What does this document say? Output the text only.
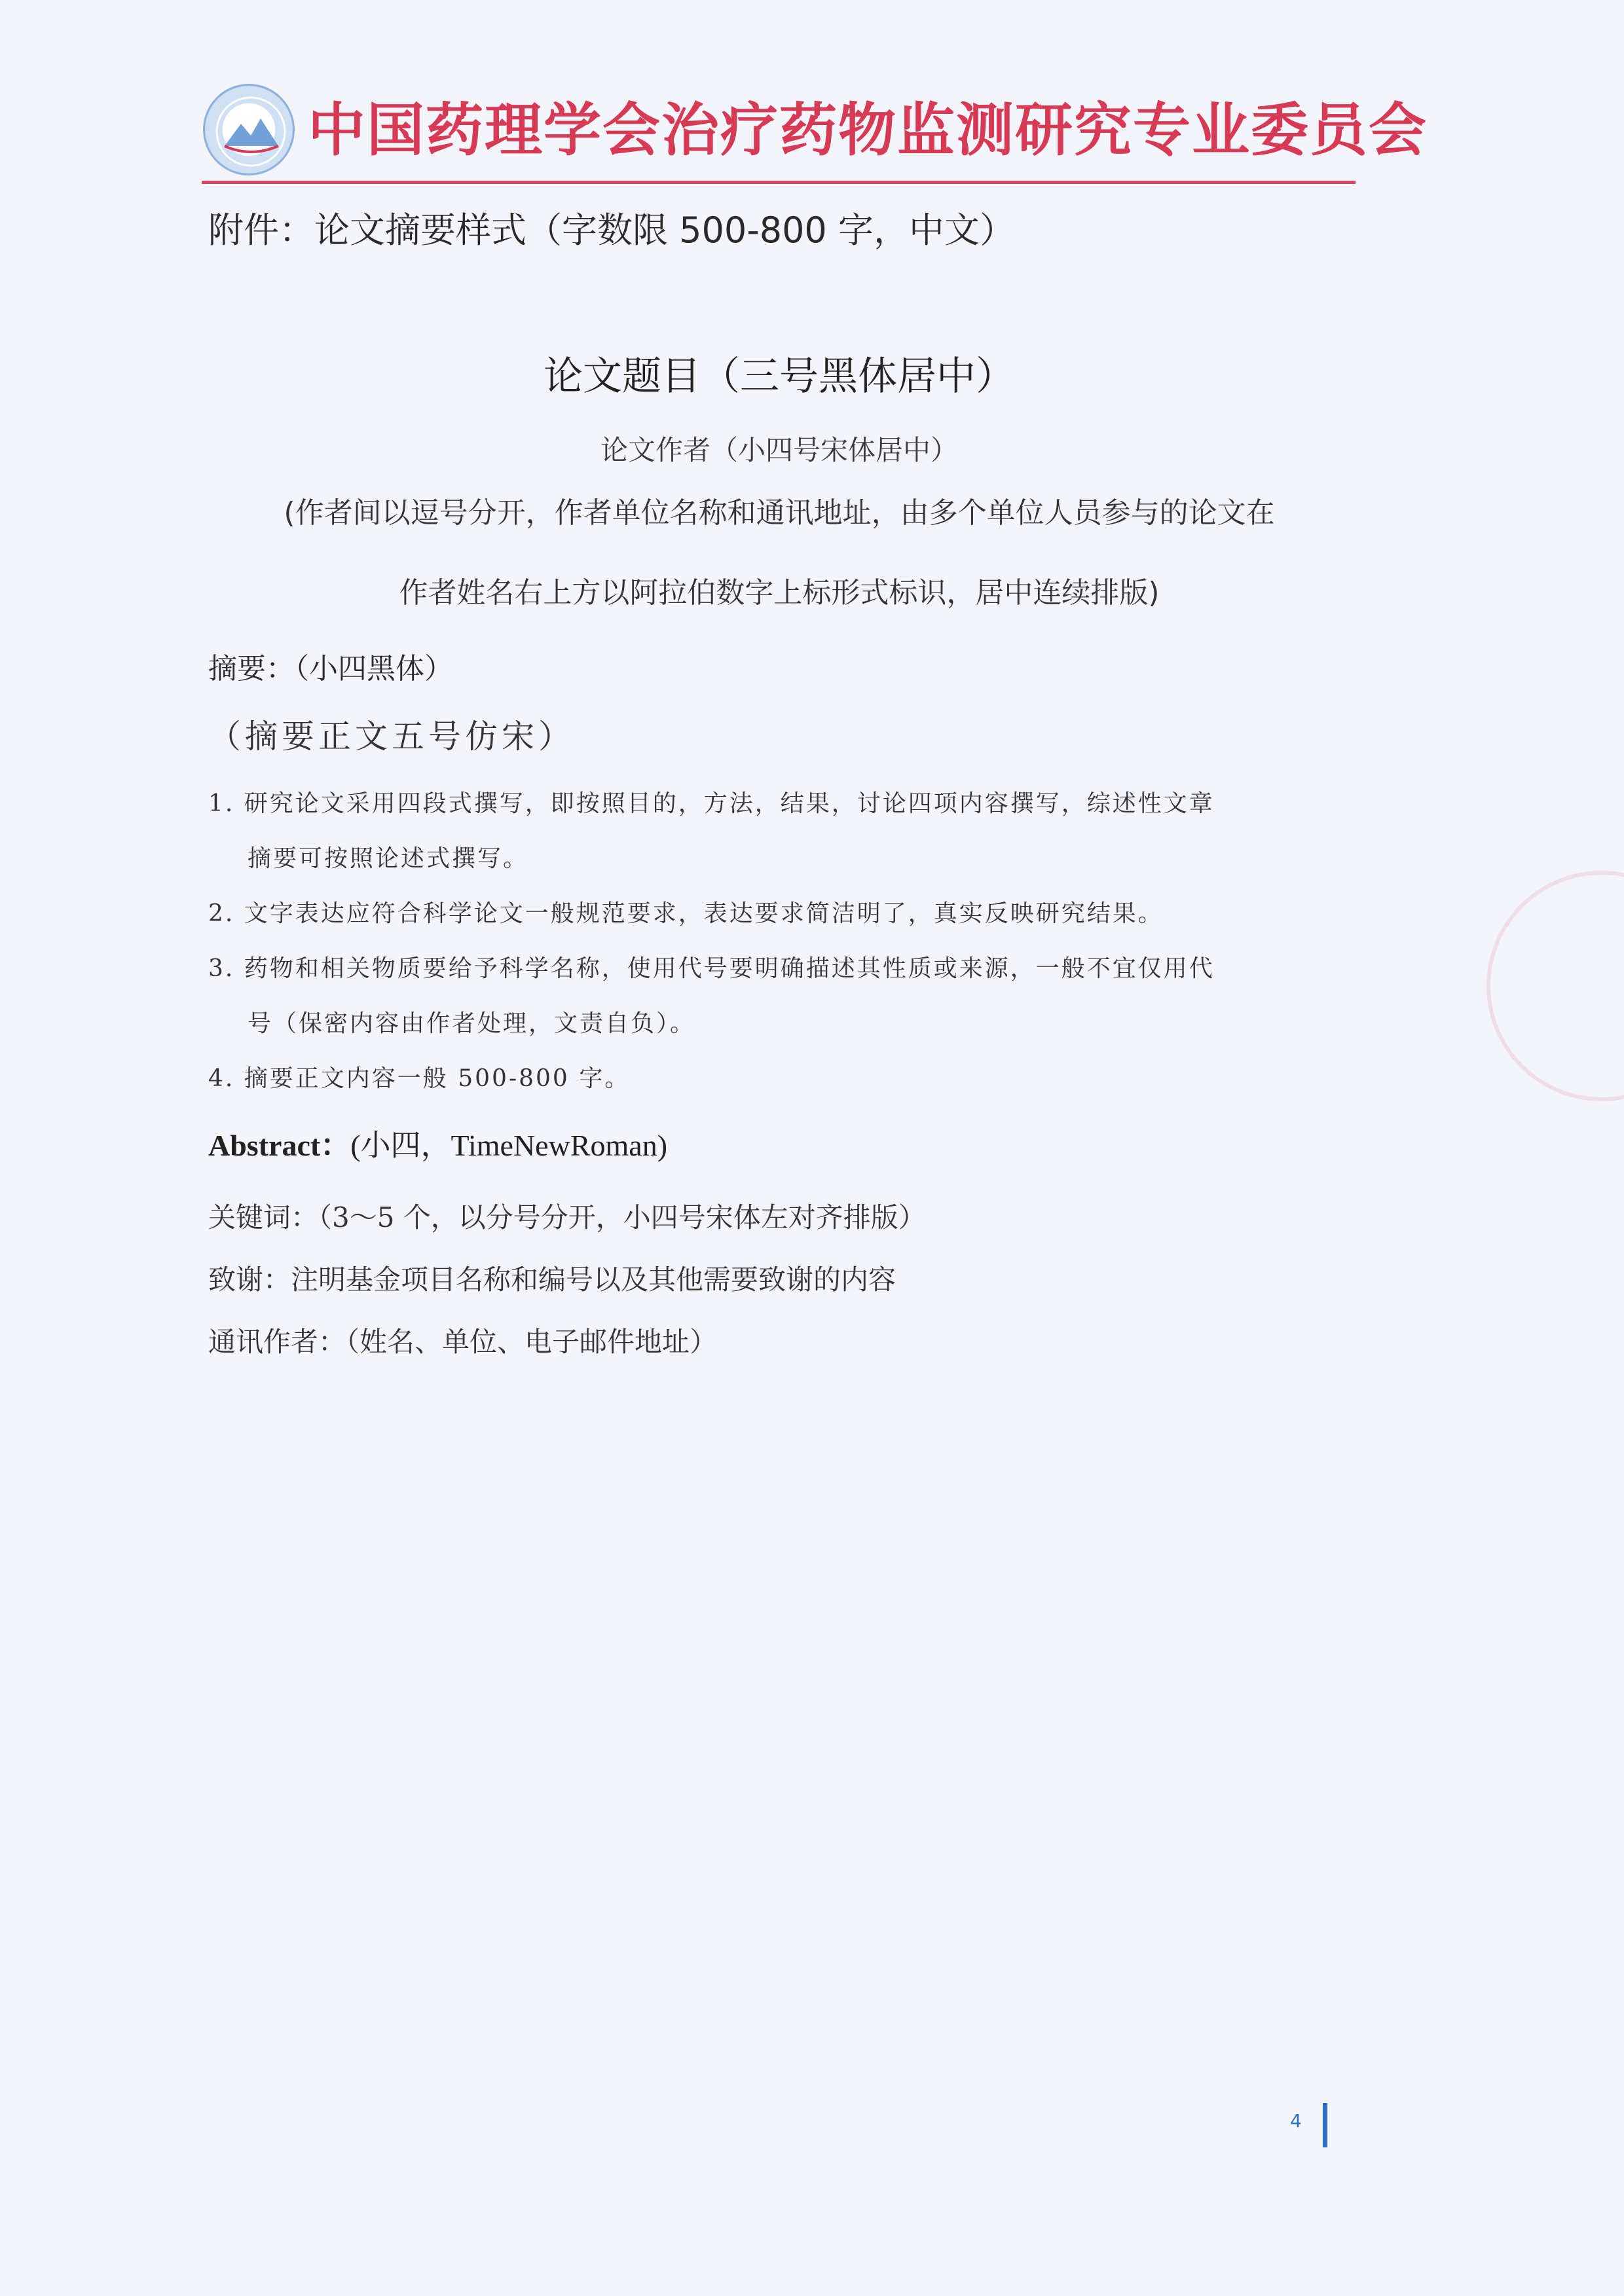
中国药理学会治疗药物监测研究专业委员会
附件：论文摘要样式（字数限 500-800 字，中文）
论文题目（三号黑体居中）
论文作者（小四号宋体居中）
(作者间以逗号分开，作者单位名称和通讯地址，由多个单位人员参与的论文在
作者姓名右上方以阿拉伯数字上标形式标识，居中连续排版)
摘要：（小四黑体）
（摘要正文五号仿宋）
1. 研究论文采用四段式撰写，即按照目的，方法，结果，讨论四项内容撰写，综述性文章
摘要可按照论述式撰写。
2. 文字表达应符合科学论文一般规范要求，表达要求简洁明了，真实反映研究结果。
3. 药物和相关物质要给予科学名称，使用代号要明确描述其性质或来源，一般不宜仅用代
号（保密内容由作者处理，文责自负）。
4. 摘要正文内容一般 500-800 字。
Abstract：(小四，TimeNewRoman)
关键词：（3～5 个，以分号分开，小四号宋体左对齐排版）
致谢：注明基金项目名称和编号以及其他需要致谢的内容
通讯作者：（姓名、单位、电子邮件地址）
4
